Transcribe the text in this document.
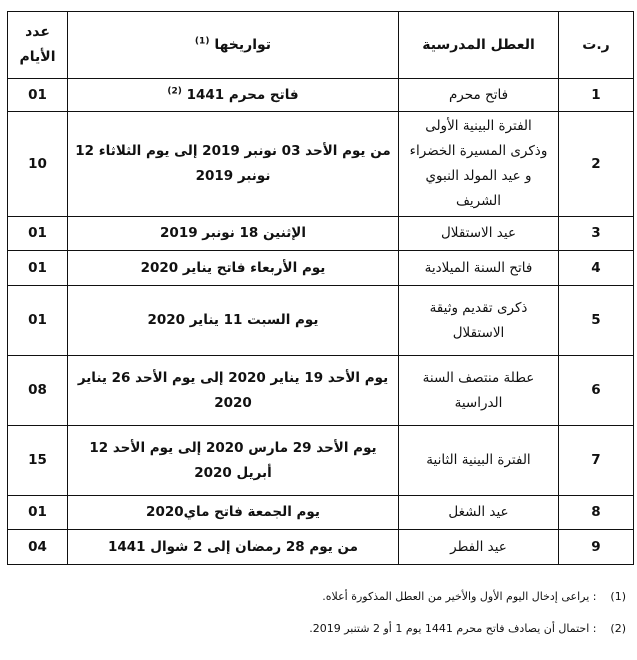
ر.ت	العطل المدرسية	تواريخها $^{(1)}$	عدد الأيام
1	فاتح محرم	فاتح محرم 1441 $^{(2)}$	01
2	الفترة البينية الأولى وذكرى المسيرة الخضراء و عيد المولد النبوي الشريف	من يوم الأحد 03 نونبر 2019 إلى يوم الثلاثاء 12 نونبر 2019	10
3	عيد الاستقلال	الإثنين 18 نونبر 2019	01
4	فاتح السنة الميلادية	يوم الأربعاء فاتح يناير 2020	01
5	ذكرى تقديم وثيقة الاستقلال	يوم السبت 11 يناير 2020	01
6	عطلة منتصف السنة الدراسية	يوم الأحد 19 يناير 2020 إلى يوم الأحد 26 يناير 2020	08
7	الفترة البينية الثانية	يوم الأحد 29 مارس 2020 إلى يوم الأحد 12 أبريل 2020	15
8	عيد الشغل	يوم الجمعة فاتح ماي2020	01
9	عيد الفطر	من يوم 28 رمضان إلى 2 شوال 1441	04
(1) : يراعى إدخال اليوم الأول والأخير من العطل المذكورة أعلاه.
(2) : احتمال أن يصادف فاتح محرم 1441 يوم 1 أو 2 شتنبر 2019.
